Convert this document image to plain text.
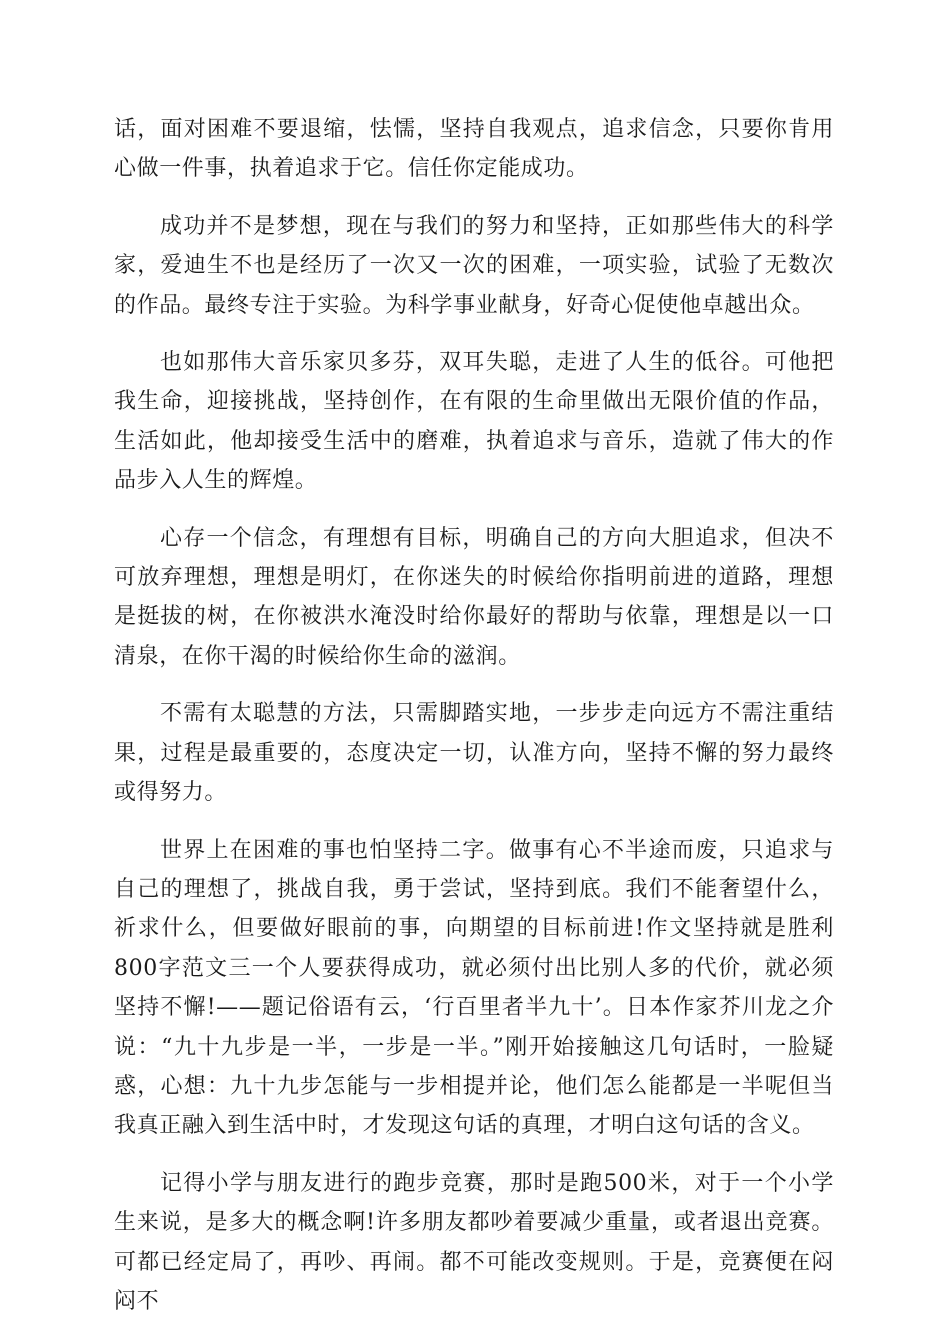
话，面对困难不要退缩，怯懦，坚持自我观点，追求信念，只要你肯用心做一件事，执着追求于它。信任你定能成功。

成功并不是梦想，现在与我们的努力和坚持，正如那些伟大的科学家，爱迪生不也是经历了一次又一次的困难，一项实验，试验了无数次的作品。最终专注于实验。为科学事业献身，好奇心促使他卓越出众。

也如那伟大音乐家贝多芬，双耳失聪，走进了人生的低谷。可他把我生命，迎接挑战，坚持创作，在有限的生命里做出无限价值的作品，生活如此，他却接受生活中的磨难，执着追求与音乐，造就了伟大的作品步入人生的辉煌。

心存一个信念，有理想有目标，明确自己的方向大胆追求，但决不可放弃理想，理想是明灯，在你迷失的时候给你指明前进的道路，理想是挺拔的树，在你被洪水淹没时给你最好的帮助与依靠，理想是以一口清泉，在你干渴的时候给你生命的滋润。

不需有太聪慧的方法，只需脚踏实地，一步步走向远方不需注重结果，过程是最重要的，态度决定一切，认准方向，坚持不懈的努力最终或得努力。

世界上在困难的事也怕坚持二字。做事有心不半途而废，只追求与自己的理想了，挑战自我，勇于尝试，坚持到底。我们不能奢望什么，祈求什么，但要做好眼前的事，向期望的目标前进!作文坚持就是胜利800字范文三一个人要获得成功，就必须付出比别人多的代价，就必须坚持不懈!——题记俗语有云，‘行百里者半九十’。日本作家芥川龙之介说：“九十九步是一半，一步是一半。”刚开始接触这几句话时，一脸疑惑，心想：九十九步怎能与一步相提并论，他们怎么能都是一半呢但当我真正融入到生活中时，才发现这句话的真理，才明白这句话的含义。

记得小学与朋友进行的跑步竞赛，那时是跑500米，对于一个小学生来说，是多大的概念啊!许多朋友都吵着要减少重量，或者退出竞赛。可都已经定局了，再吵、再闹。都不可能改变规则。于是，竞赛便在闷闷不
